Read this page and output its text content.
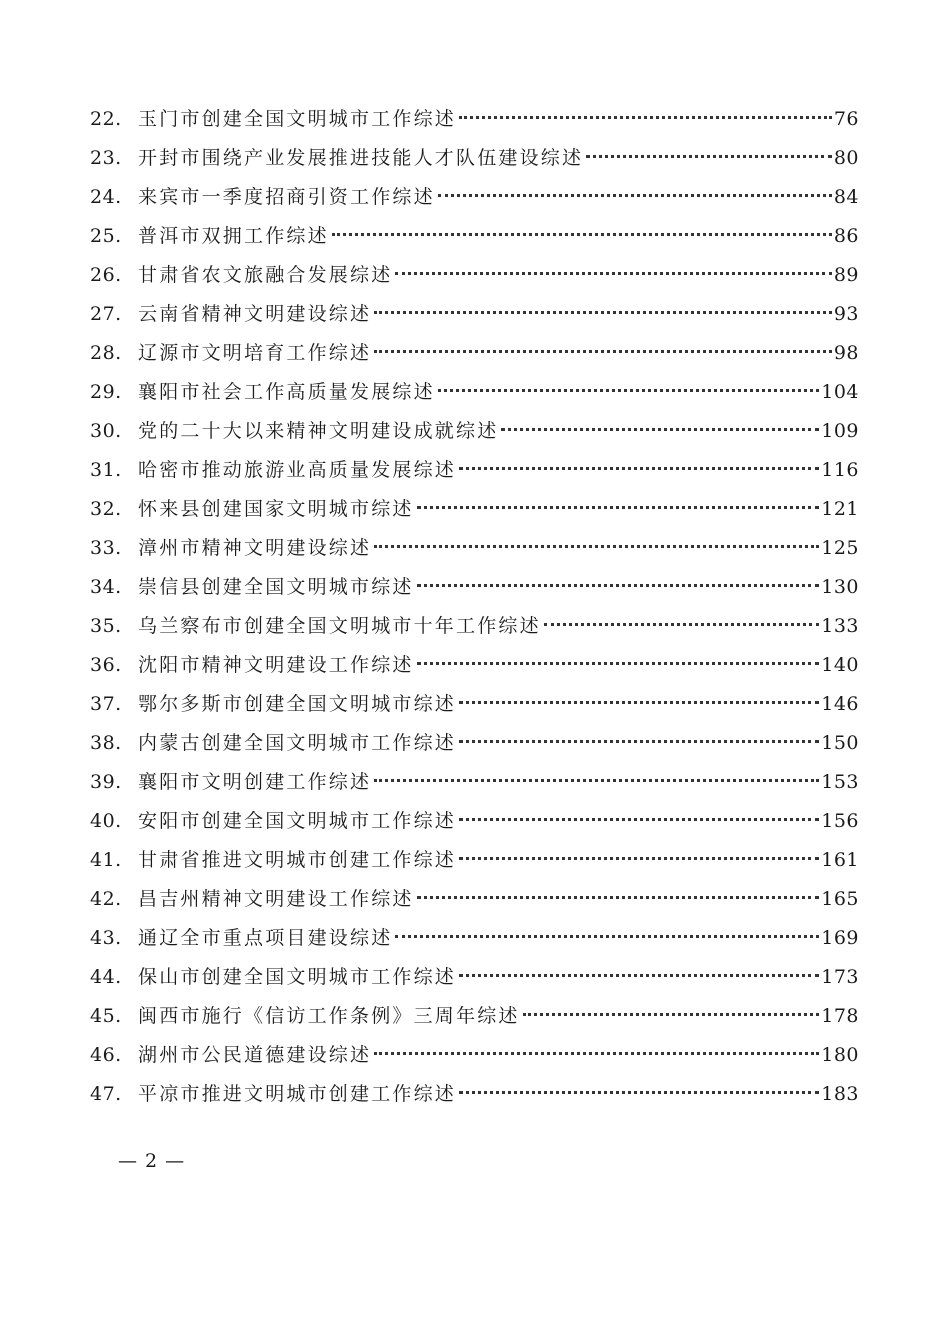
22. 玉门市创建全国文明城市工作综述	76
23. 开封市围绕产业发展推进技能人才队伍建设综述	80
24. 来宾市一季度招商引资工作综述	84
25. 普洱市双拥工作综述	86
26. 甘肃省农文旅融合发展综述	89
27. 云南省精神文明建设综述	93
28. 辽源市文明培育工作综述	98
29. 襄阳市社会工作高质量发展综述	104
30. 党的二十大以来精神文明建设成就综述	109
31. 哈密市推动旅游业高质量发展综述	116
32. 怀来县创建国家文明城市综述	121
33. 漳州市精神文明建设综述	125
34. 崇信县创建全国文明城市综述	130
35. 乌兰察布市创建全国文明城市十年工作综述	133
36. 沈阳市精神文明建设工作综述	140
37. 鄂尔多斯市创建全国文明城市综述	146
38. 内蒙古创建全国文明城市工作综述	150
39. 襄阳市文明创建工作综述	153
40. 安阳市创建全国文明城市工作综述	156
41. 甘肃省推进文明城市创建工作综述	161
42. 昌吉州精神文明建设工作综述	165
43. 通辽全市重点项目建设综述	169
44. 保山市创建全国文明城市工作综述	173
45. 闽西市施行《信访工作条例》三周年综述	178
46. 湖州市公民道德建设综述	180
47. 平凉市推进文明城市创建工作综述	183
— 2 —
